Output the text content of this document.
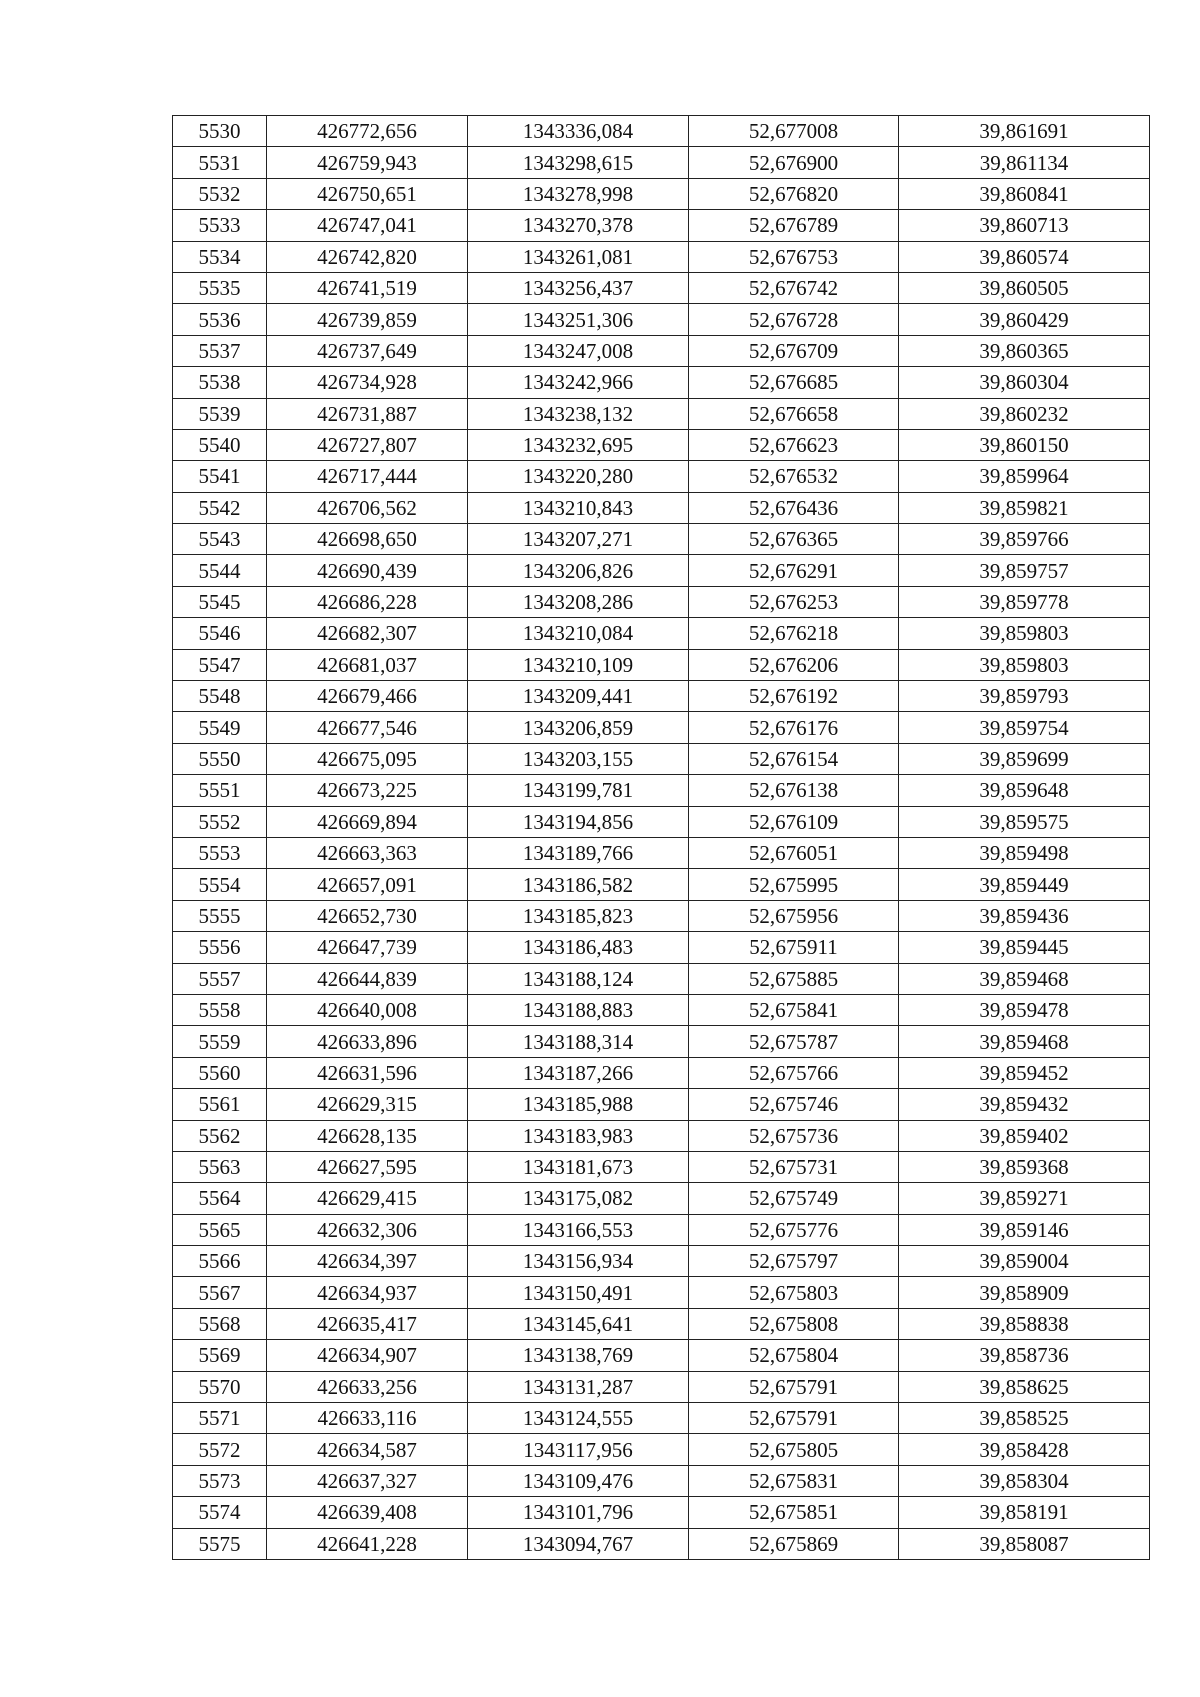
5530	426772,656	1343336,084	52,677008	39,861691
5531	426759,943	1343298,615	52,676900	39,861134
5532	426750,651	1343278,998	52,676820	39,860841
5533	426747,041	1343270,378	52,676789	39,860713
5534	426742,820	1343261,081	52,676753	39,860574
5535	426741,519	1343256,437	52,676742	39,860505
5536	426739,859	1343251,306	52,676728	39,860429
5537	426737,649	1343247,008	52,676709	39,860365
5538	426734,928	1343242,966	52,676685	39,860304
5539	426731,887	1343238,132	52,676658	39,860232
5540	426727,807	1343232,695	52,676623	39,860150
5541	426717,444	1343220,280	52,676532	39,859964
5542	426706,562	1343210,843	52,676436	39,859821
5543	426698,650	1343207,271	52,676365	39,859766
5544	426690,439	1343206,826	52,676291	39,859757
5545	426686,228	1343208,286	52,676253	39,859778
5546	426682,307	1343210,084	52,676218	39,859803
5547	426681,037	1343210,109	52,676206	39,859803
5548	426679,466	1343209,441	52,676192	39,859793
5549	426677,546	1343206,859	52,676176	39,859754
5550	426675,095	1343203,155	52,676154	39,859699
5551	426673,225	1343199,781	52,676138	39,859648
5552	426669,894	1343194,856	52,676109	39,859575
5553	426663,363	1343189,766	52,676051	39,859498
5554	426657,091	1343186,582	52,675995	39,859449
5555	426652,730	1343185,823	52,675956	39,859436
5556	426647,739	1343186,483	52,675911	39,859445
5557	426644,839	1343188,124	52,675885	39,859468
5558	426640,008	1343188,883	52,675841	39,859478
5559	426633,896	1343188,314	52,675787	39,859468
5560	426631,596	1343187,266	52,675766	39,859452
5561	426629,315	1343185,988	52,675746	39,859432
5562	426628,135	1343183,983	52,675736	39,859402
5563	426627,595	1343181,673	52,675731	39,859368
5564	426629,415	1343175,082	52,675749	39,859271
5565	426632,306	1343166,553	52,675776	39,859146
5566	426634,397	1343156,934	52,675797	39,859004
5567	426634,937	1343150,491	52,675803	39,858909
5568	426635,417	1343145,641	52,675808	39,858838
5569	426634,907	1343138,769	52,675804	39,858736
5570	426633,256	1343131,287	52,675791	39,858625
5571	426633,116	1343124,555	52,675791	39,858525
5572	426634,587	1343117,956	52,675805	39,858428
5573	426637,327	1343109,476	52,675831	39,858304
5574	426639,408	1343101,796	52,675851	39,858191
5575	426641,228	1343094,767	52,675869	39,858087
